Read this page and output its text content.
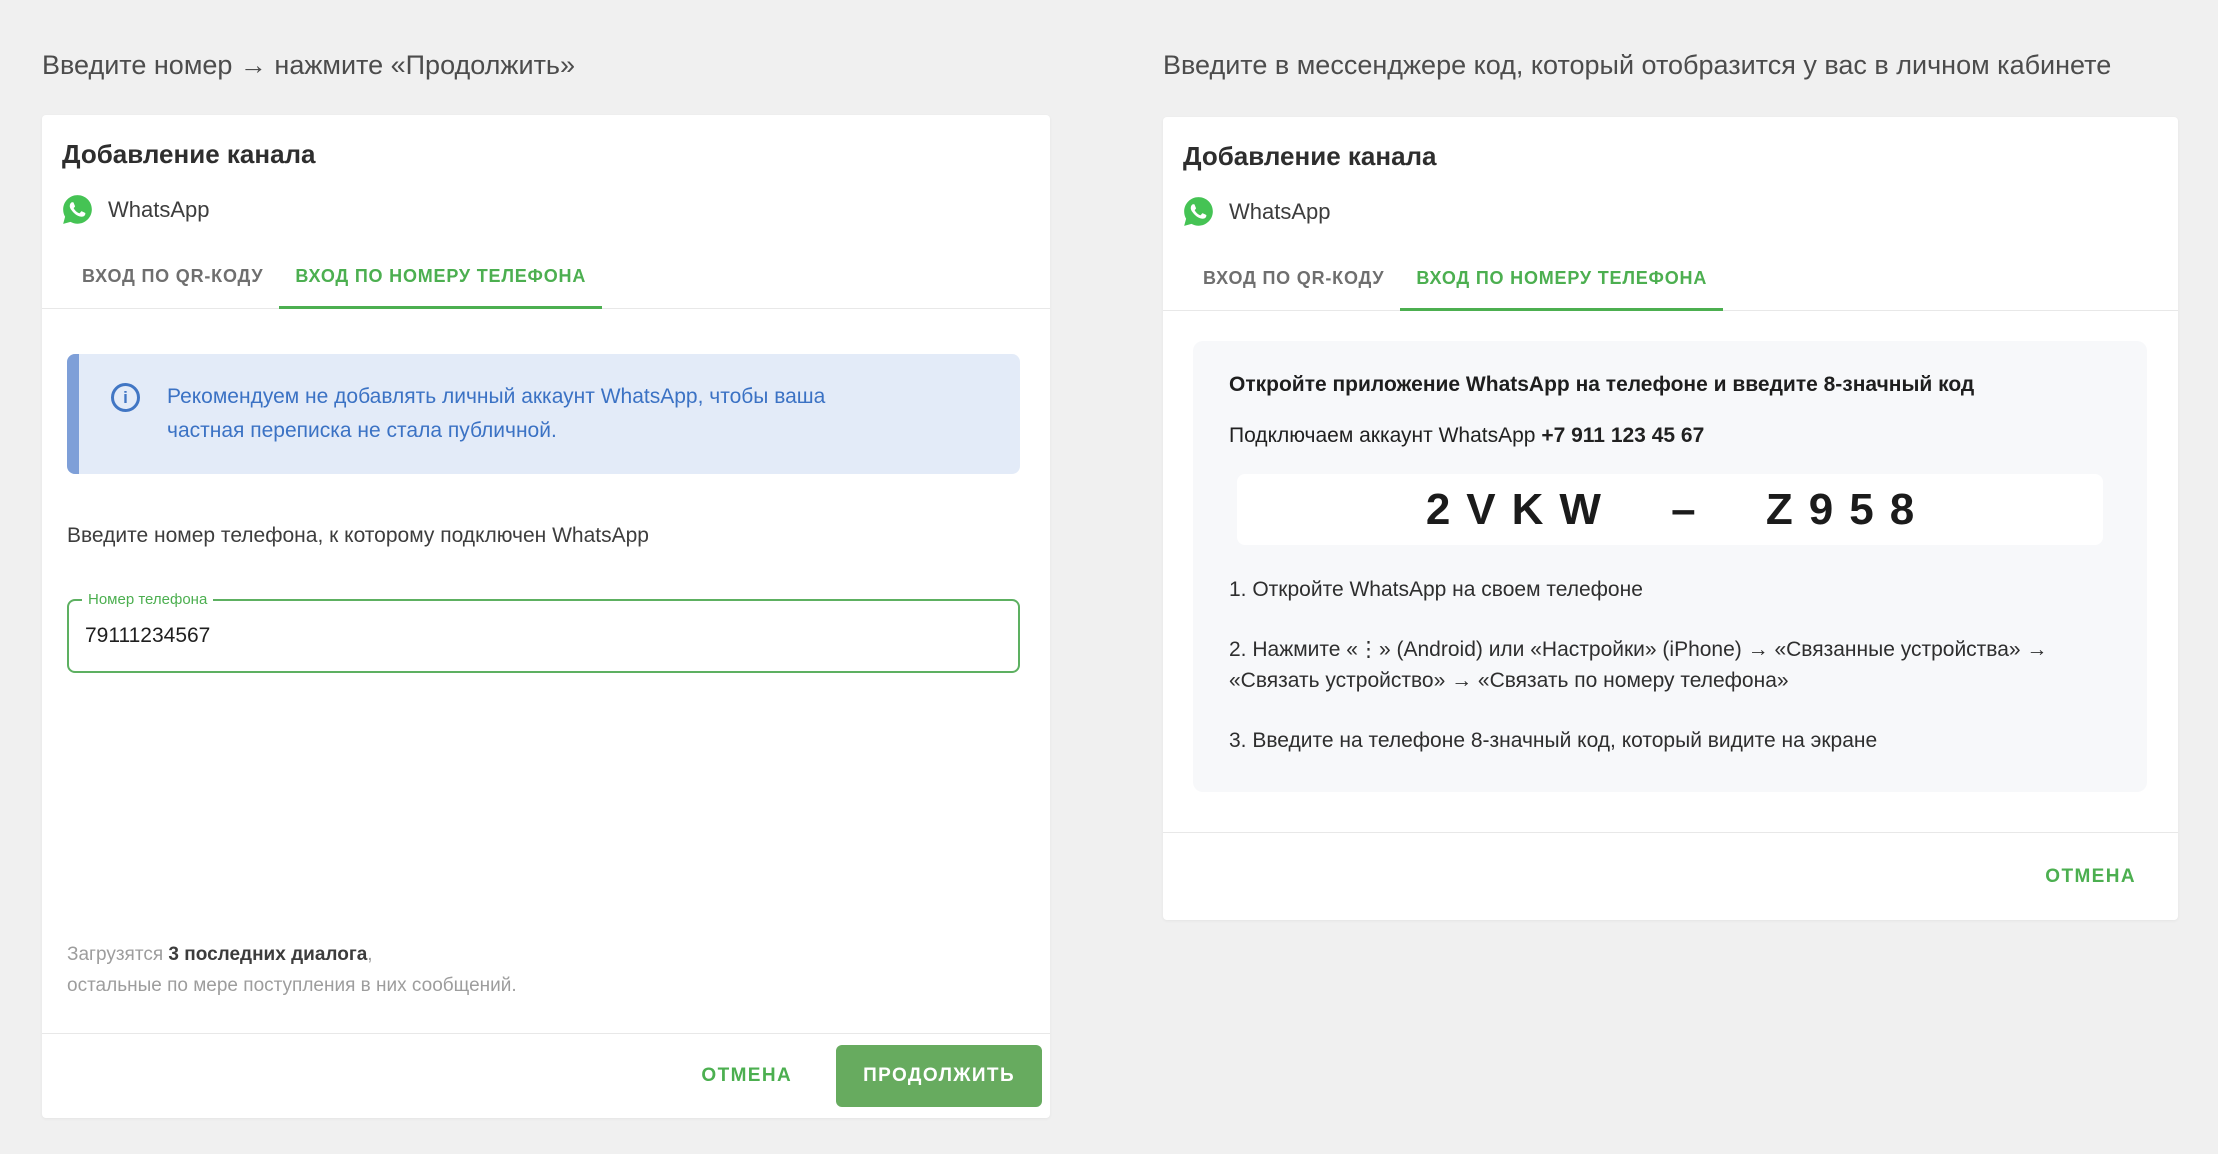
Введите номер → нажмите «Продолжить»

Добавление канала
WhatsApp
ВХОД ПО QR-КОДУ	ВХОД ПО НОМЕРУ ТЕЛЕФОНА
i	Рекомендуем не добавлять личный аккаунт WhatsApp, чтобы ваша частная переписка не стала публичной.

Введите номер телефона, к которому подключен WhatsApp

Номер телефона
79111234567

Загрузятся 3 последних диалога,
остальные по мере поступления в них сообщений.

ОТМЕНА	ПРОДОЛЖИТЬ

Введите в мессенджере код, который отобразится у вас в личном кабинете

Добавление канала
WhatsApp
ВХОД ПО QR-КОДУ	ВХОД ПО НОМЕРУ ТЕЛЕФОНА

Откройте приложение WhatsApp на телефоне и введите 8-значный код

Подключаем аккаунт WhatsApp +7 911 123 45 67
2VKW – Z958
1. Откройте WhatsApp на своем телефоне
2. Нажмите «⋮» (Android) или «Настройки» (iPhone) → «Связанные устройства» → «Связать устройство» → «Связать по номеру телефона»
3. Введите на телефоне 8-значный код, который видите на экране
ОТМЕНА
